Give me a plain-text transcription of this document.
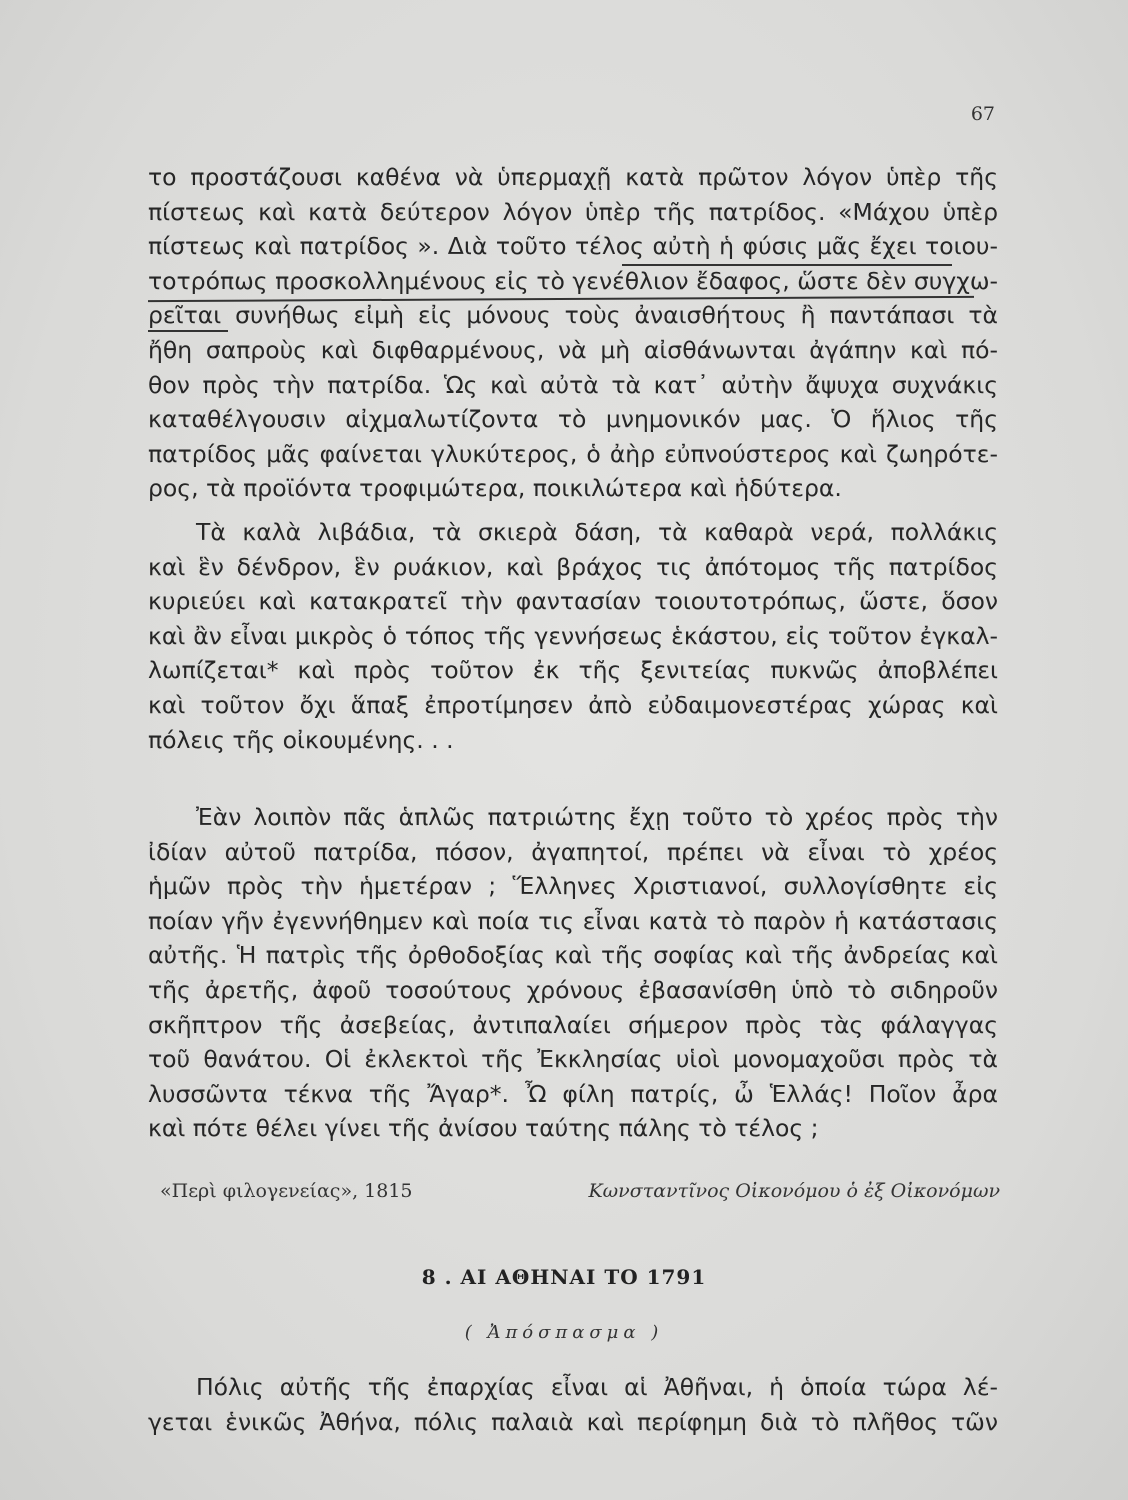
67
το προστάζουσι καθένα νὰ ὑπερμαχῇ κατὰ πρῶτον λόγον ὑπὲρ τῆς
πίστεως καὶ κατὰ δεύτερον λόγον ὑπὲρ τῆς πατρίδος. «Μάχου ὑπὲρ
πίστεως καὶ πατρίδος ». Διὰ τοῦτο τέλος αὐτὴ ἡ φύσις μᾶς ἔχει τοιου-
τοτρόπως προσκολλημένους εἰς τὸ γενέθλιον ἔδαφος, ὥστε δὲν συγχω-
ρεῖται συνήθως εἰμὴ εἰς μόνους τοὺς ἀναισθήτους ἢ παντάπασι τὰ
ἤθη σαπροὺς καὶ διφθαρμένους, νὰ μὴ αἰσθάνωνται ἀγάπην καὶ πό-
θον πρὸς τὴν πατρίδα. Ὡς καὶ αὐτὰ τὰ κατ᾽ αὐτὴν ἄψυχα συχνάκις
καταθέλγουσιν αἰχμαλωτίζοντα τὸ μνημονικόν μας. Ὁ ἥλιος τῆς
πατρίδος μᾶς φαίνεται γλυκύτερος, ὁ ἀὴρ εὐπνούστερος καὶ ζωηρότε-
ρος, τὰ προϊόντα τροφιμώτερα, ποικιλώτερα καὶ ἡδύτερα.
Τὰ καλὰ λιβάδια, τὰ σκιερὰ δάση, τὰ καθαρὰ νερά, πολλάκις
καὶ ἓν δένδρον, ἓν ρυάκιον, καὶ βράχος τις ἀπότομος τῆς πατρίδος
κυριεύει καὶ κατακρατεῖ τὴν φαντασίαν τοιουτοτρόπως, ὥστε, ὅσον
καὶ ἂν εἶναι μικρὸς ὁ τόπος τῆς γεννήσεως ἑκάστου, εἰς τοῦτον ἐγκαλ-
λωπίζεται* καὶ πρὸς τοῦτον ἐκ τῆς ξενιτείας πυκνῶς ἀποβλέπει
καὶ τοῦτον ὄχι ἅπαξ ἐπροτίμησεν ἀπὸ εὐδαιμονεστέρας χώρας καὶ
πόλεις τῆς οἰκουμένης. . .
Ἐὰν λοιπὸν πᾶς ἁπλῶς πατριώτης ἔχῃ τοῦτο τὸ χρέος πρὸς τὴν
ἰδίαν αὐτοῦ πατρίδα, πόσον, ἀγαπητοί, πρέπει νὰ εἶναι τὸ χρέος
ἡμῶν πρὸς τὴν ἡμετέραν ; Ἕλληνες Χριστιανοί, συλλογίσθητε εἰς
ποίαν γῆν ἐγεννήθημεν καὶ ποία τις εἶναι κατὰ τὸ παρὸν ἡ κατάστασις
αὐτῆς. Ἡ πατρὶς τῆς ὀρθοδοξίας καὶ τῆς σοφίας καὶ τῆς ἀνδρείας καὶ
τῆς ἀρετῆς, ἀφοῦ τοσούτους χρόνους ἐβασανίσθη ὑπὸ τὸ σιδηροῦν
σκῆπτρον τῆς ἀσεβείας, ἀντιπαλαίει σήμερον πρὸς τὰς φάλαγγας
τοῦ θανάτου. Οἱ ἐκλεκτοὶ τῆς Ἐκκλησίας υἱοὶ μονομαχοῦσι πρὸς τὰ
λυσσῶντα τέκνα τῆς Ἄγαρ*. Ὦ φίλη πατρίς, ὦ Ἑλλάς! Ποῖον ἆρα
καὶ πότε θέλει γίνει τῆς ἀνίσου ταύτης πάλης τὸ τέλος ;
«Περὶ φιλογενείας», 1815	Κωνσταντῖνος Οἰκονόμου ὁ ἐξ Οἰκονόμων
8 . ΑΙ ΑΘΗΝΑΙ ΤΟ 1791
( Ἀπόσπασμα )
Πόλις αὐτῆς τῆς ἐπαρχίας εἶναι αἱ Ἀθῆναι, ἡ ὁποία τώρα λέ-
γεται ἑνικῶς Ἀθήνα, πόλις παλαιὰ καὶ περίφημη διὰ τὸ πλῆθος τῶν
